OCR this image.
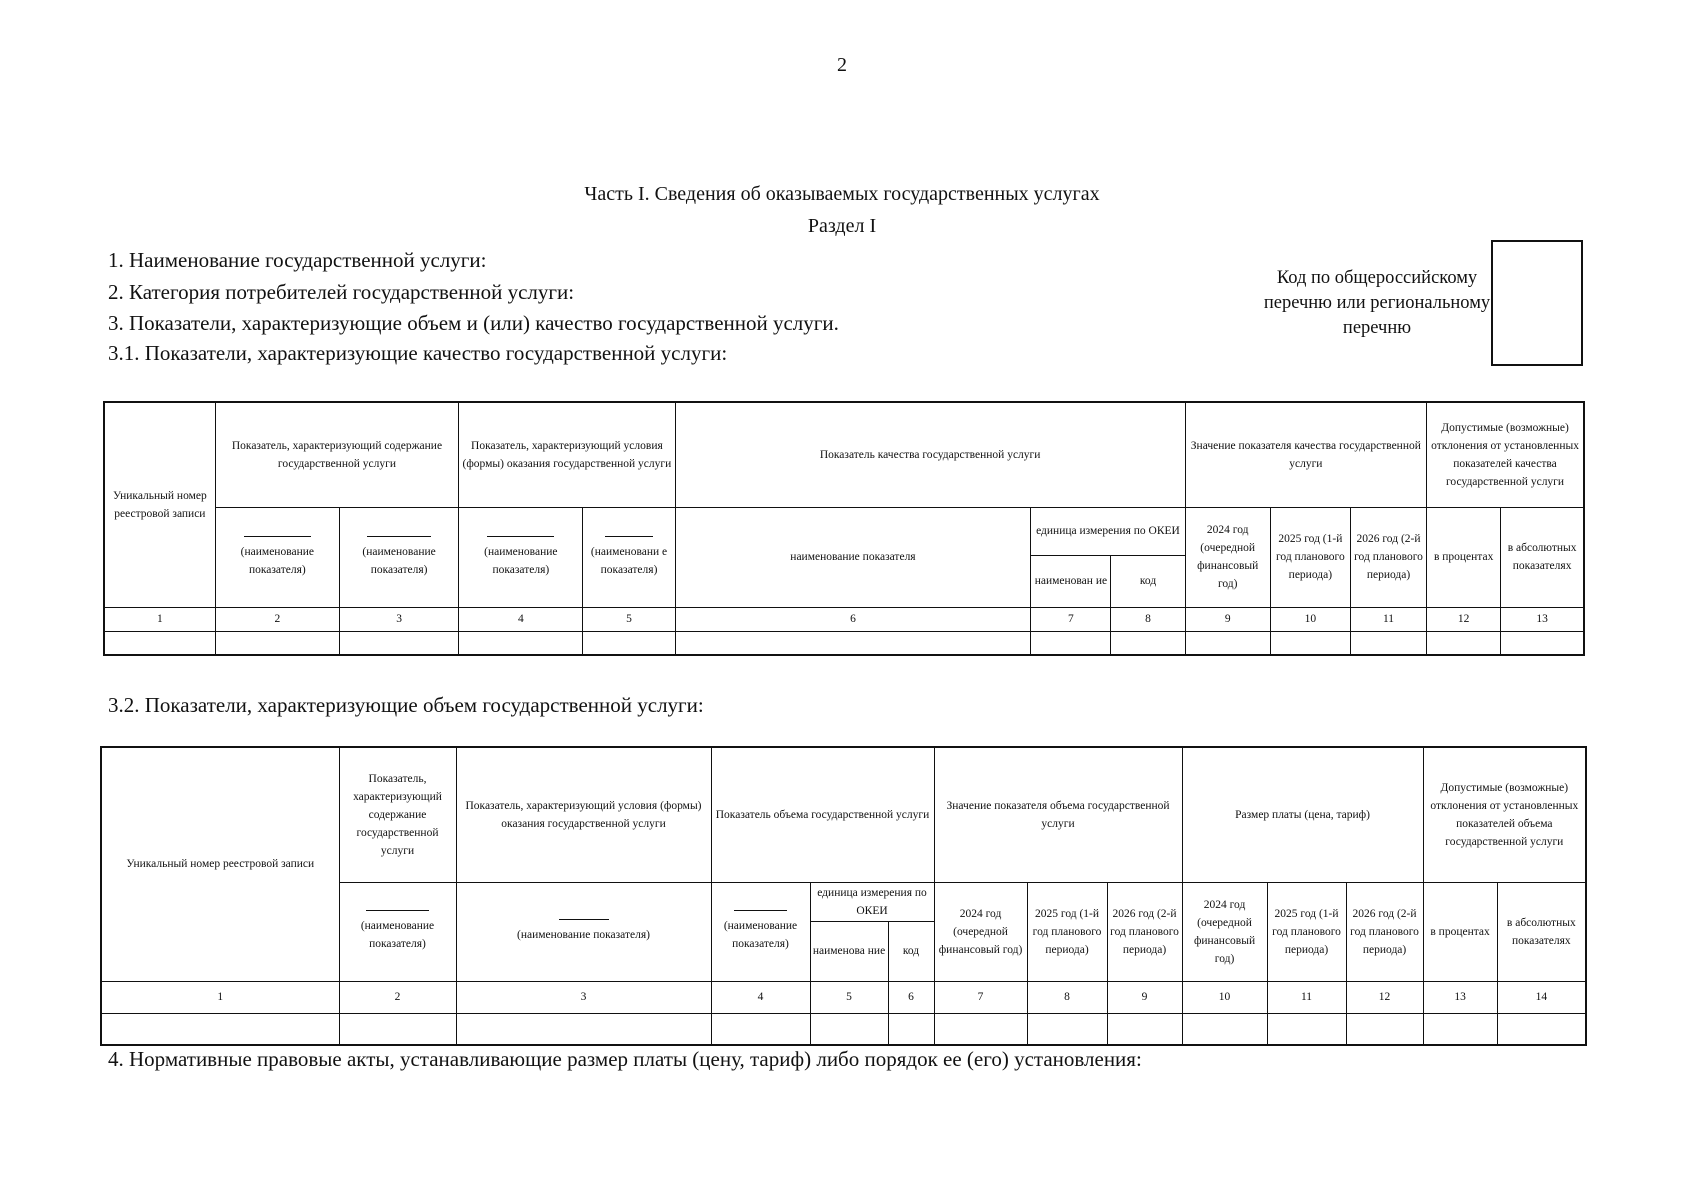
2
Часть I. Сведения об оказываемых государственных услугах
Раздел I
1. Наименование государственной услуги:
2. Категория потребителей государственной услуги:
3. Показатели, характеризующие объем и (или) качество государственной услуги.
3.1. Показатели, характеризующие качество государственной услуги:
Код по общероссийскому перечню или региональному перечню
Уникальный номер реестровой записи	Показатель, характеризующий содержание государственной услуги		Показатель, характеризующий условия (формы) оказания государственной услуги		Показатель качества государственной услуги			Значение показателя качества государственной услуги			Допустимые (возможные) отклонения от установленных показателей качества государственной услуги	

(наименование показателя)	(наименование показателя)	(наименование показателя)	(наименовани е показателя)	наименование показателя	единица измерения по ОКЕИ		2024 год (очередной финансовый год)	2025 год (1-й год планового периода)	2026 год (2-й год планового периода)	в процентах	в абсолютных показателях
						наименован ие	код					
1	2	3	4	5	6	7	8	9	10	11	12	13

3.2. Показатели, характеризующие объем государственной услуги:
Уникальный номер реестровой записи	Показатель, характеризующий содержание государственной услуги	Показатель, характеризующий условия (формы) оказания государственной услуги	Показатель объема государственной услуги			Значение показателя объема государственной услуги			Размер платы (цена, тариф)			Допустимые (возможные) отклонения от установленных показателей объема государственной услуги	

(наименование показателя)	(наименование показателя)	(наименование показателя)	единица измерения по ОКЕИ		2024 год (очередной финансовый год)	2025 год (1-й год планового периода)	2026 год (2-й год планового периода)	2024 год (очередной финансовый год)	2025 год (1-й год планового периода)	2026 год (2-й год планового периода)	в процентах	в абсолютных показателях
				наименова ние	код								
1	2	3	4	5	6	7	8	9	10	11	12	13	14

4. Нормативные правовые акты, устанавливающие размер платы (цену, тариф) либо порядок ее (его) установления:
